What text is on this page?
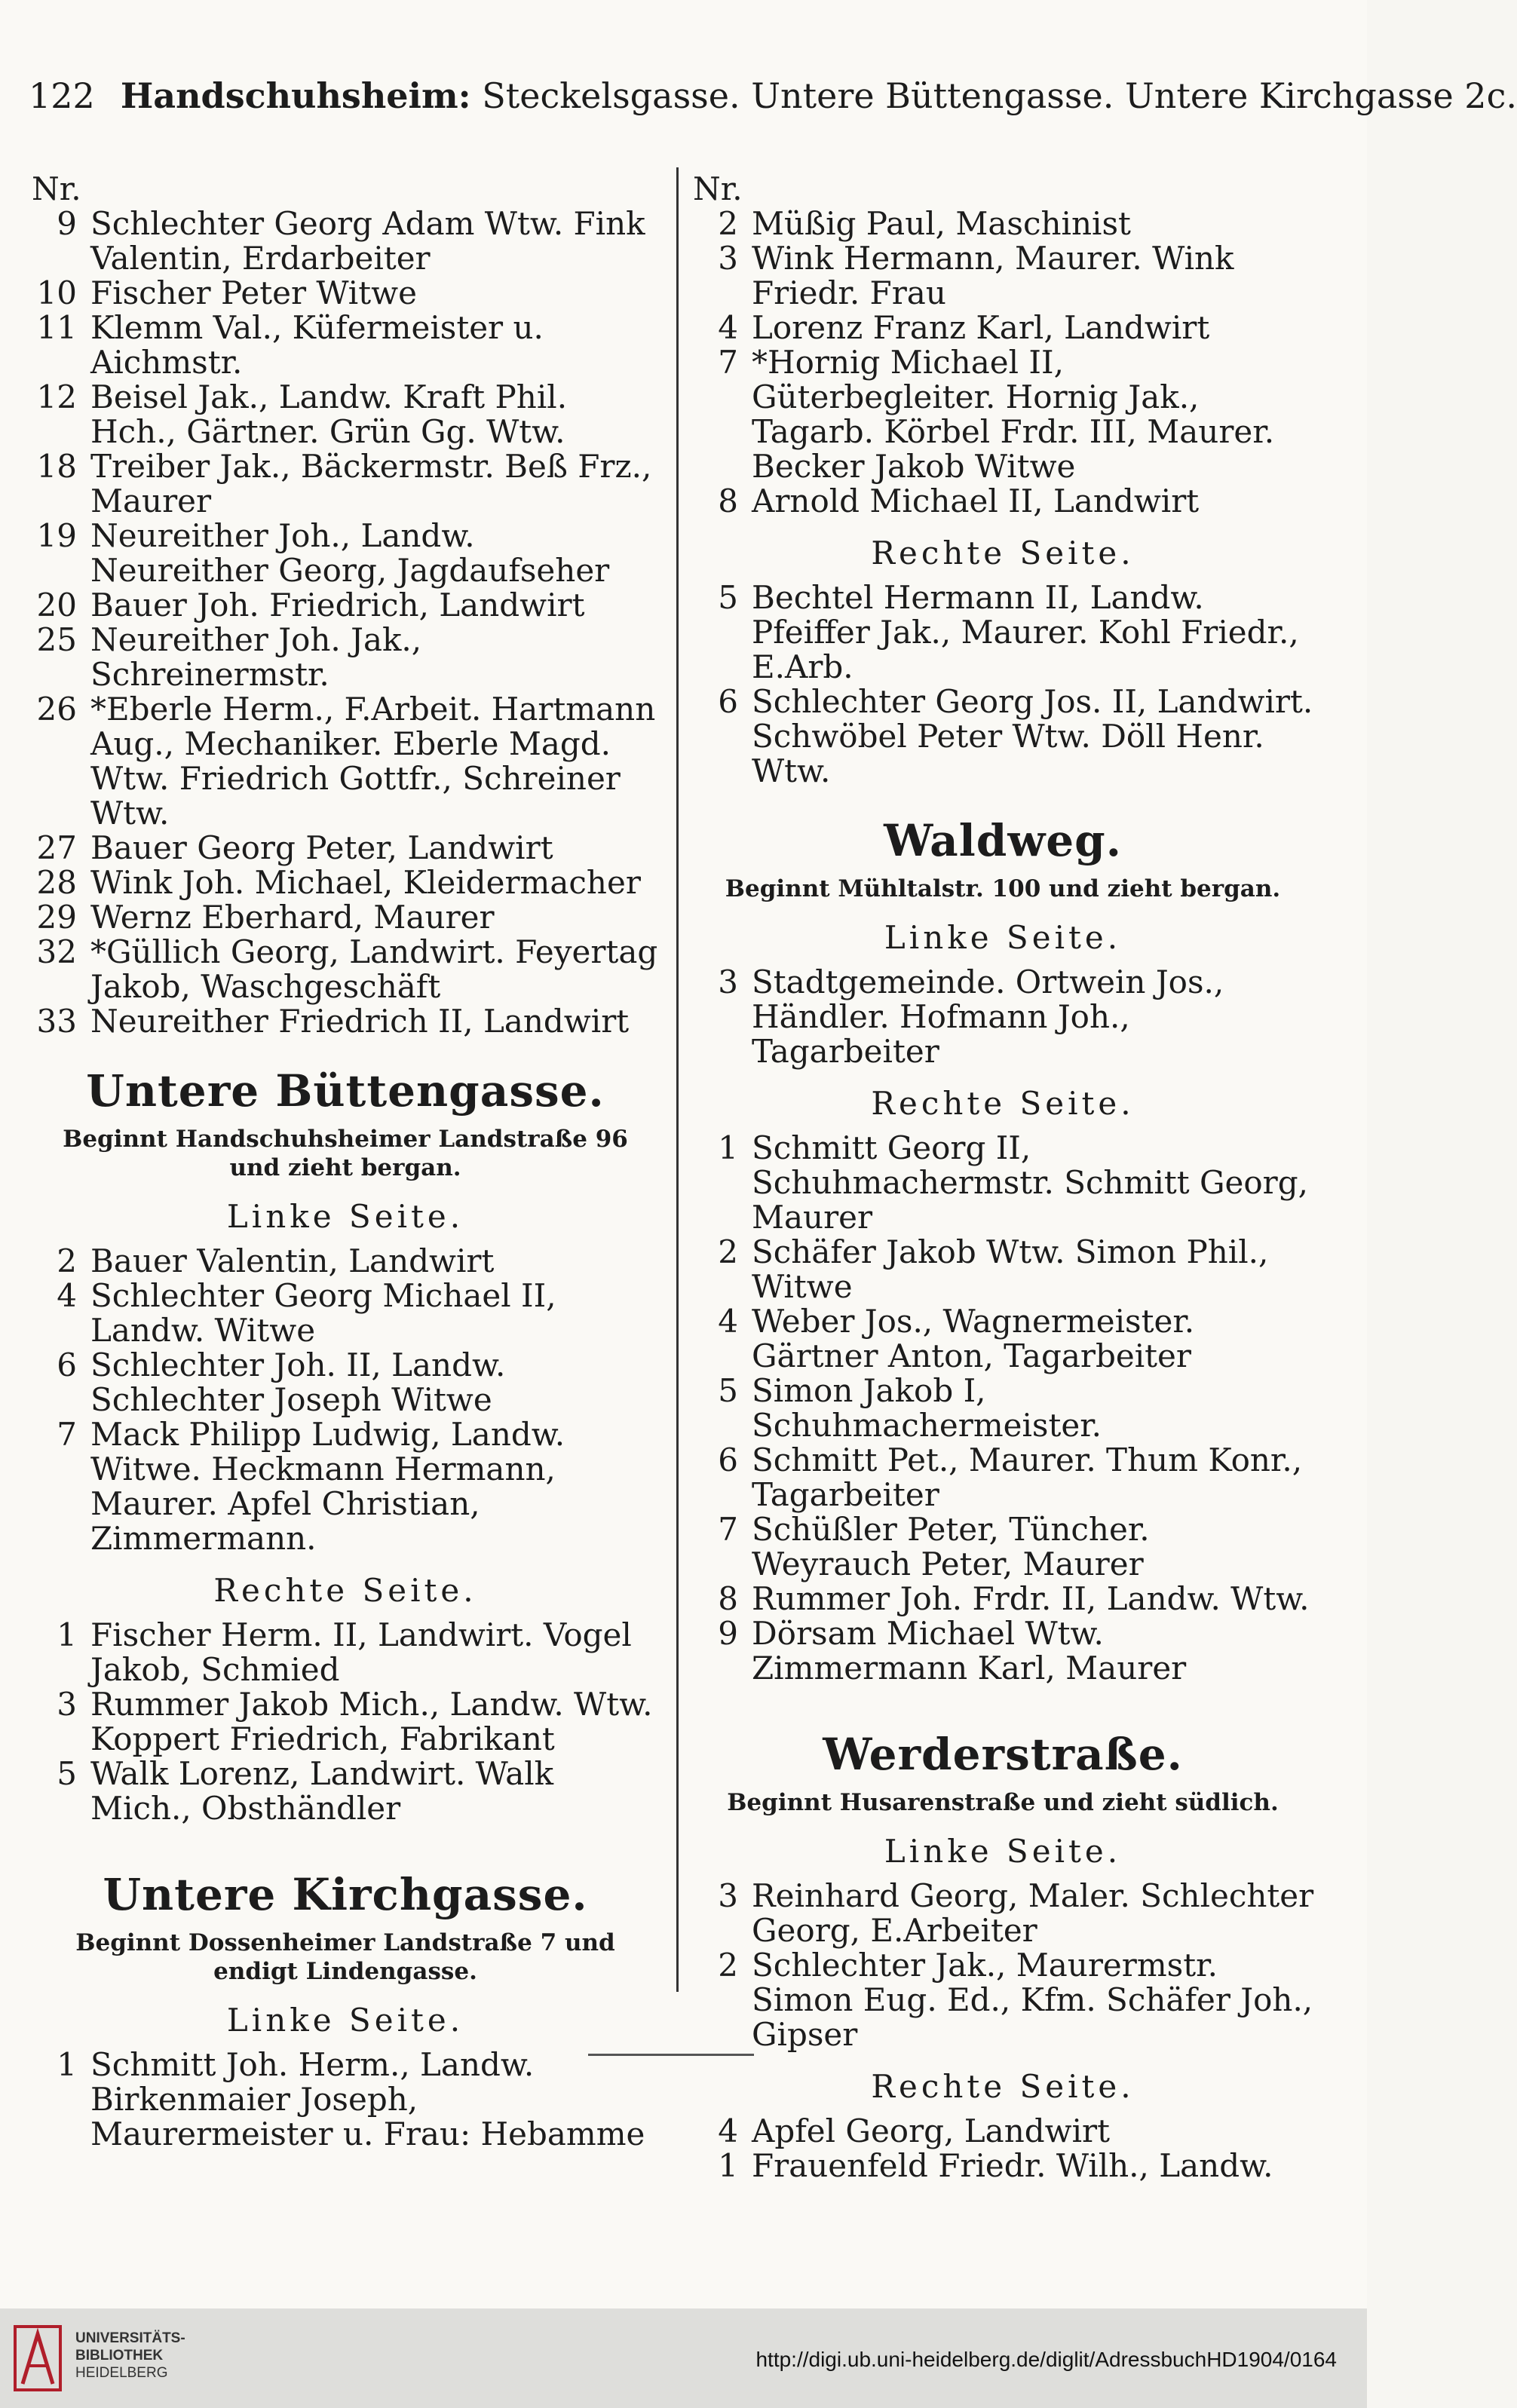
122 Handschuhsheim: Steckelsgasse. Untere Büttengasse. Untere Kirchgasse 2c.
Nr.
9 Schlechter Georg Adam Wtw. Fink Valentin, Erdarbeiter
10 Fischer Peter Witwe
11 Klemm Val., Küfermeister u. Aichmstr.
12 Beisel Jak., Landw. Kraft Phil. Hch., Gärtner. Grün Gg. Wtw.
18 Treiber Jak., Bäckermstr. Beß Frz., Maurer
19 Neureither Joh., Landw. Neureither Georg, Jagdaufseher
20 Bauer Joh. Friedrich, Landwirt
25 Neureither Joh. Jak., Schreinermstr.
26 *Eberle Herm., F.Arbeit. Hartmann Aug., Mechaniker. Eberle Magd. Wtw. Friedrich Gottfr., Schreiner Wtw.
27 Bauer Georg Peter, Landwirt
28 Wink Joh. Michael, Kleidermacher
29 Wernz Eberhard, Maurer
32 *Güllich Georg, Landwirt. Feyertag Jakob, Waschgeschäft
33 Neureither Friedrich II, Landwirt
Untere Büttengasse.
Beginnt Handschuhsheimer Landstraße 96 und zieht bergan.
Linke Seite.
2 Bauer Valentin, Landwirt
4 Schlechter Georg Michael II, Landw. Witwe
6 Schlechter Joh. II, Landw. Schlechter Joseph Witwe
7 Mack Philipp Ludwig, Landw. Witwe. Heckmann Hermann, Maurer. Apfel Christian, Zimmermann.
Rechte Seite.
1 Fischer Herm. II, Landwirt. Vogel Jakob, Schmied
3 Rummer Jakob Mich., Landw. Wtw. Koppert Friedrich, Fabrikant
5 Walk Lorenz, Landwirt. Walk Mich., Obsthändler
Untere Kirchgasse.
Beginnt Dossenheimer Landstraße 7 und endigt Lindengasse.
Linke Seite.
1 Schmitt Joh. Herm., Landw. Birkenmaier Joseph, Maurermeister u. Frau: Hebamme
Nr.
2 Müßig Paul, Maschinist
3 Wink Hermann, Maurer. Wink Friedr. Frau
4 Lorenz Franz Karl, Landwirt
7 *Hornig Michael II, Güterbegleiter. Hornig Jak., Tagarb. Körbel Frdr. III, Maurer. Becker Jakob Witwe
8 Arnold Michael II, Landwirt
Rechte Seite.
5 Bechtel Hermann II, Landw. Pfeiffer Jak., Maurer. Kohl Friedr., E.Arb.
6 Schlechter Georg Jos. II, Landwirt. Schwöbel Peter Wtw. Döll Henr. Wtw.
Waldweg.
Beginnt Mühltalstr. 100 und zieht bergan.
Linke Seite.
3 Stadtgemeinde. Ortwein Jos., Händler. Hofmann Joh., Tagarbeiter
Rechte Seite.
1 Schmitt Georg II, Schuhmachermstr. Schmitt Georg, Maurer
2 Schäfer Jakob Wtw. Simon Phil., Witwe
4 Weber Jos., Wagnermeister. Gärtner Anton, Tagarbeiter
5 Simon Jakob I, Schuhmachermeister.
6 Schmitt Pet., Maurer. Thum Konr., Tagarbeiter
7 Schüßler Peter, Tüncher. Weyrauch Peter, Maurer
8 Rummer Joh. Frdr. II, Landw. Wtw.
9 Dörsam Michael Wtw. Zimmermann Karl, Maurer
Werderstraße.
Beginnt Husarenstraße und zieht südlich.
Linke Seite.
3 Reinhard Georg, Maler. Schlechter Georg, E.Arbeiter
2 Schlechter Jak., Maurermstr. Simon Eug. Ed., Kfm. Schäfer Joh., Gipser
Rechte Seite.
4 Apfel Georg, Landwirt
1 Frauenfeld Friedr. Wilh., Landw.
UNIVERSITÄTS-
BIBLIOTHEK
HEIDELBERG
http://digi.ub.uni-heidelberg.de/diglit/AdressbuchHD1904/0164
